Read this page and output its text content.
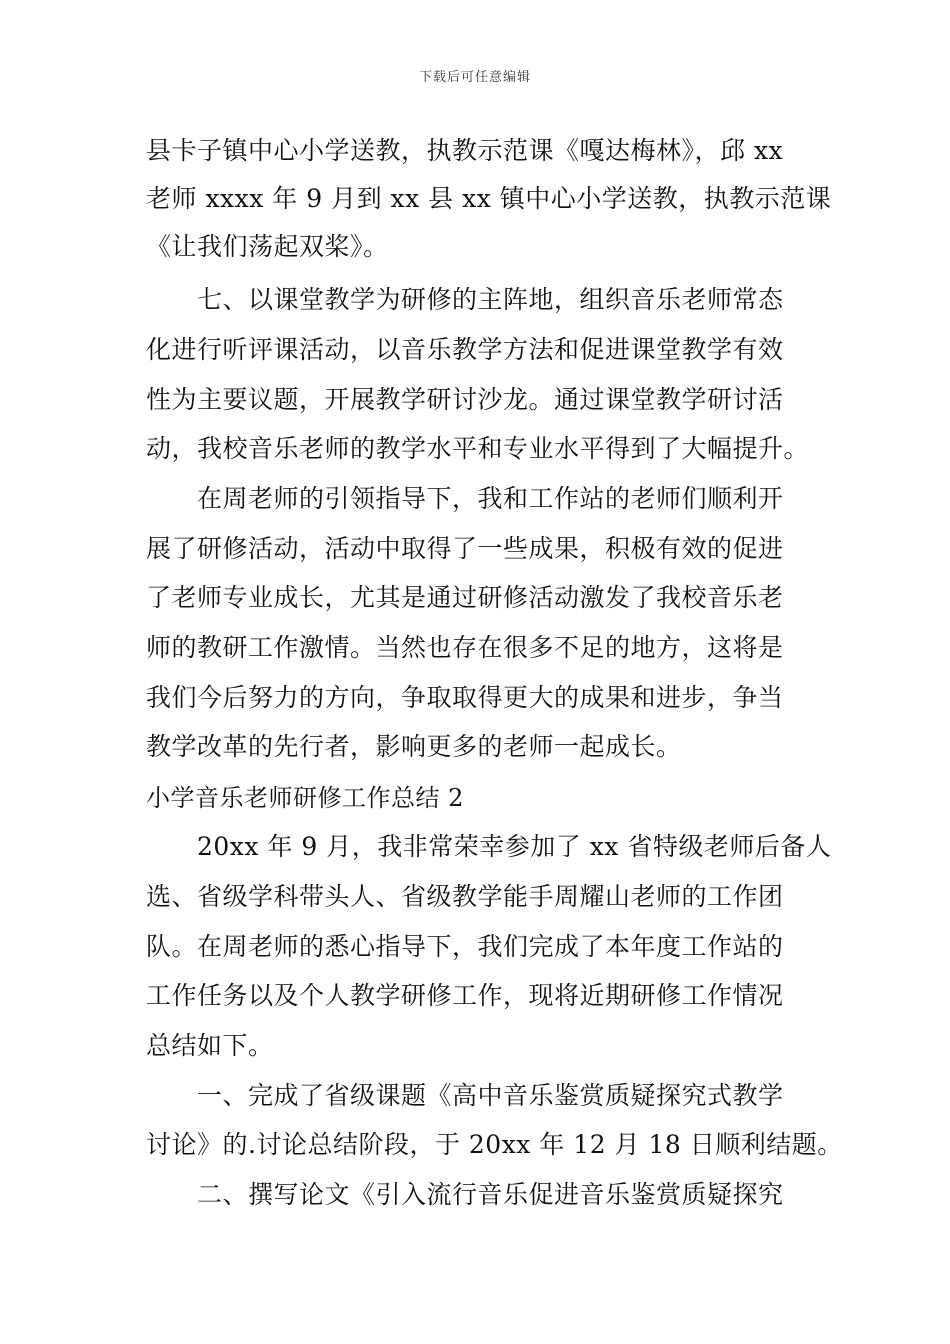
下载后可任意编辑
县卡子镇中心小学送教，执教示范课《嘎达梅林》，邱 xx
老师 xxxx 年 9 月到 xx 县 xx 镇中心小学送教，执教示范课
《让我们荡起双桨》。
七、以课堂教学为研修的主阵地，组织音乐老师常态
化进行听评课活动，以音乐教学方法和促进课堂教学有效
性为主要议题，开展教学研讨沙龙。通过课堂教学研讨活
动，我校音乐老师的教学水平和专业水平得到了大幅提升。
在周老师的引领指导下，我和工作站的老师们顺利开
展了研修活动，活动中取得了一些成果，积极有效的促进
了老师专业成长，尤其是通过研修活动激发了我校音乐老
师的教研工作激情。当然也存在很多不足的地方，这将是
我们今后努力的方向，争取取得更大的成果和进步，争当
教学改革的先行者，影响更多的老师一起成长。
小学音乐老师研修工作总结 2
20xx 年 9 月，我非常荣幸参加了 xx 省特级老师后备人
选、省级学科带头人、省级教学能手周耀山老师的工作团
队。在周老师的悉心指导下，我们完成了本年度工作站的
工作任务以及个人教学研修工作，现将近期研修工作情况
总结如下。
一、完成了省级课题《高中音乐鉴赏质疑探究式教学
讨论》的.讨论总结阶段，于 20xx 年 12 月 18 日顺利结题。
二、撰写论文《引入流行音乐促进音乐鉴赏质疑探究
